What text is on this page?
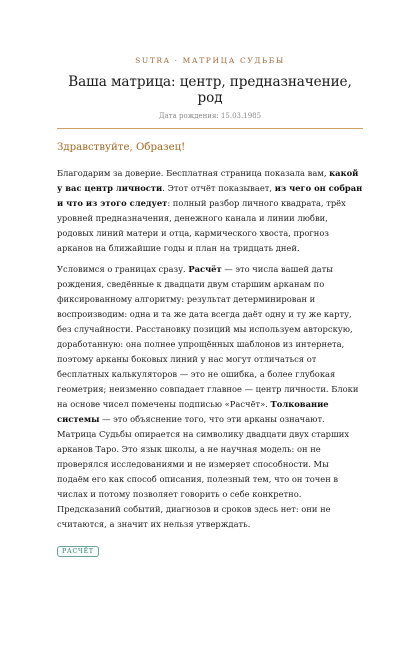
SUTRA · МАТРИЦА СУДЬБЫ
Ваша матрица: центр, предназначение, род
Дата рождения: 15.03.1985
Здравствуйте, Образец!

Благодарим за доверие. Бесплатная страница показала вам, какой у вас центр личности. Этот отчёт показывает, из чего он собран и что из этого следует: полный разбор личного квадрата, трёх уровней предназначения, денежного канала и линии любви, родовых линий матери и отца, кармического хвоста, прогноз арканов на ближайшие годы и план на тридцать дней.

Условимся о границах сразу. Расчёт — это числа вашей даты рождения, сведённые к двадцати двум старшим арканам по фиксированному алгоритму: результат детерминирован и воспроизводим: одна и та же дата всегда даёт одну и ту же карту, без случайности. Расстановку позиций мы используем авторскую, доработанную: она полнее упрощённых шаблонов из интернета, поэтому арканы боковых линий у нас могут отличаться от бесплатных калькуляторов — это не ошибка, а более глубокая геометрия; неизменно совпадает главное — центр личности. Блоки на основе чисел помечены подписью «Расчёт». Толкование системы — это объяснение того, что эти арканы означают. Матрица Судьбы опирается на символику двадцати двух старших арканов Таро. Это язык школы, а не научная модель: он не проверялся исследованиями и не измеряет способности. Мы подаём его как способ описания, полезный тем, что он точен в числах и потому позволяет говорить о себе конкретно. Предсказаний событий, диагнозов и сроков здесь нет: они не считаются, а значит их нельзя утверждать.

РАСЧЁТ
